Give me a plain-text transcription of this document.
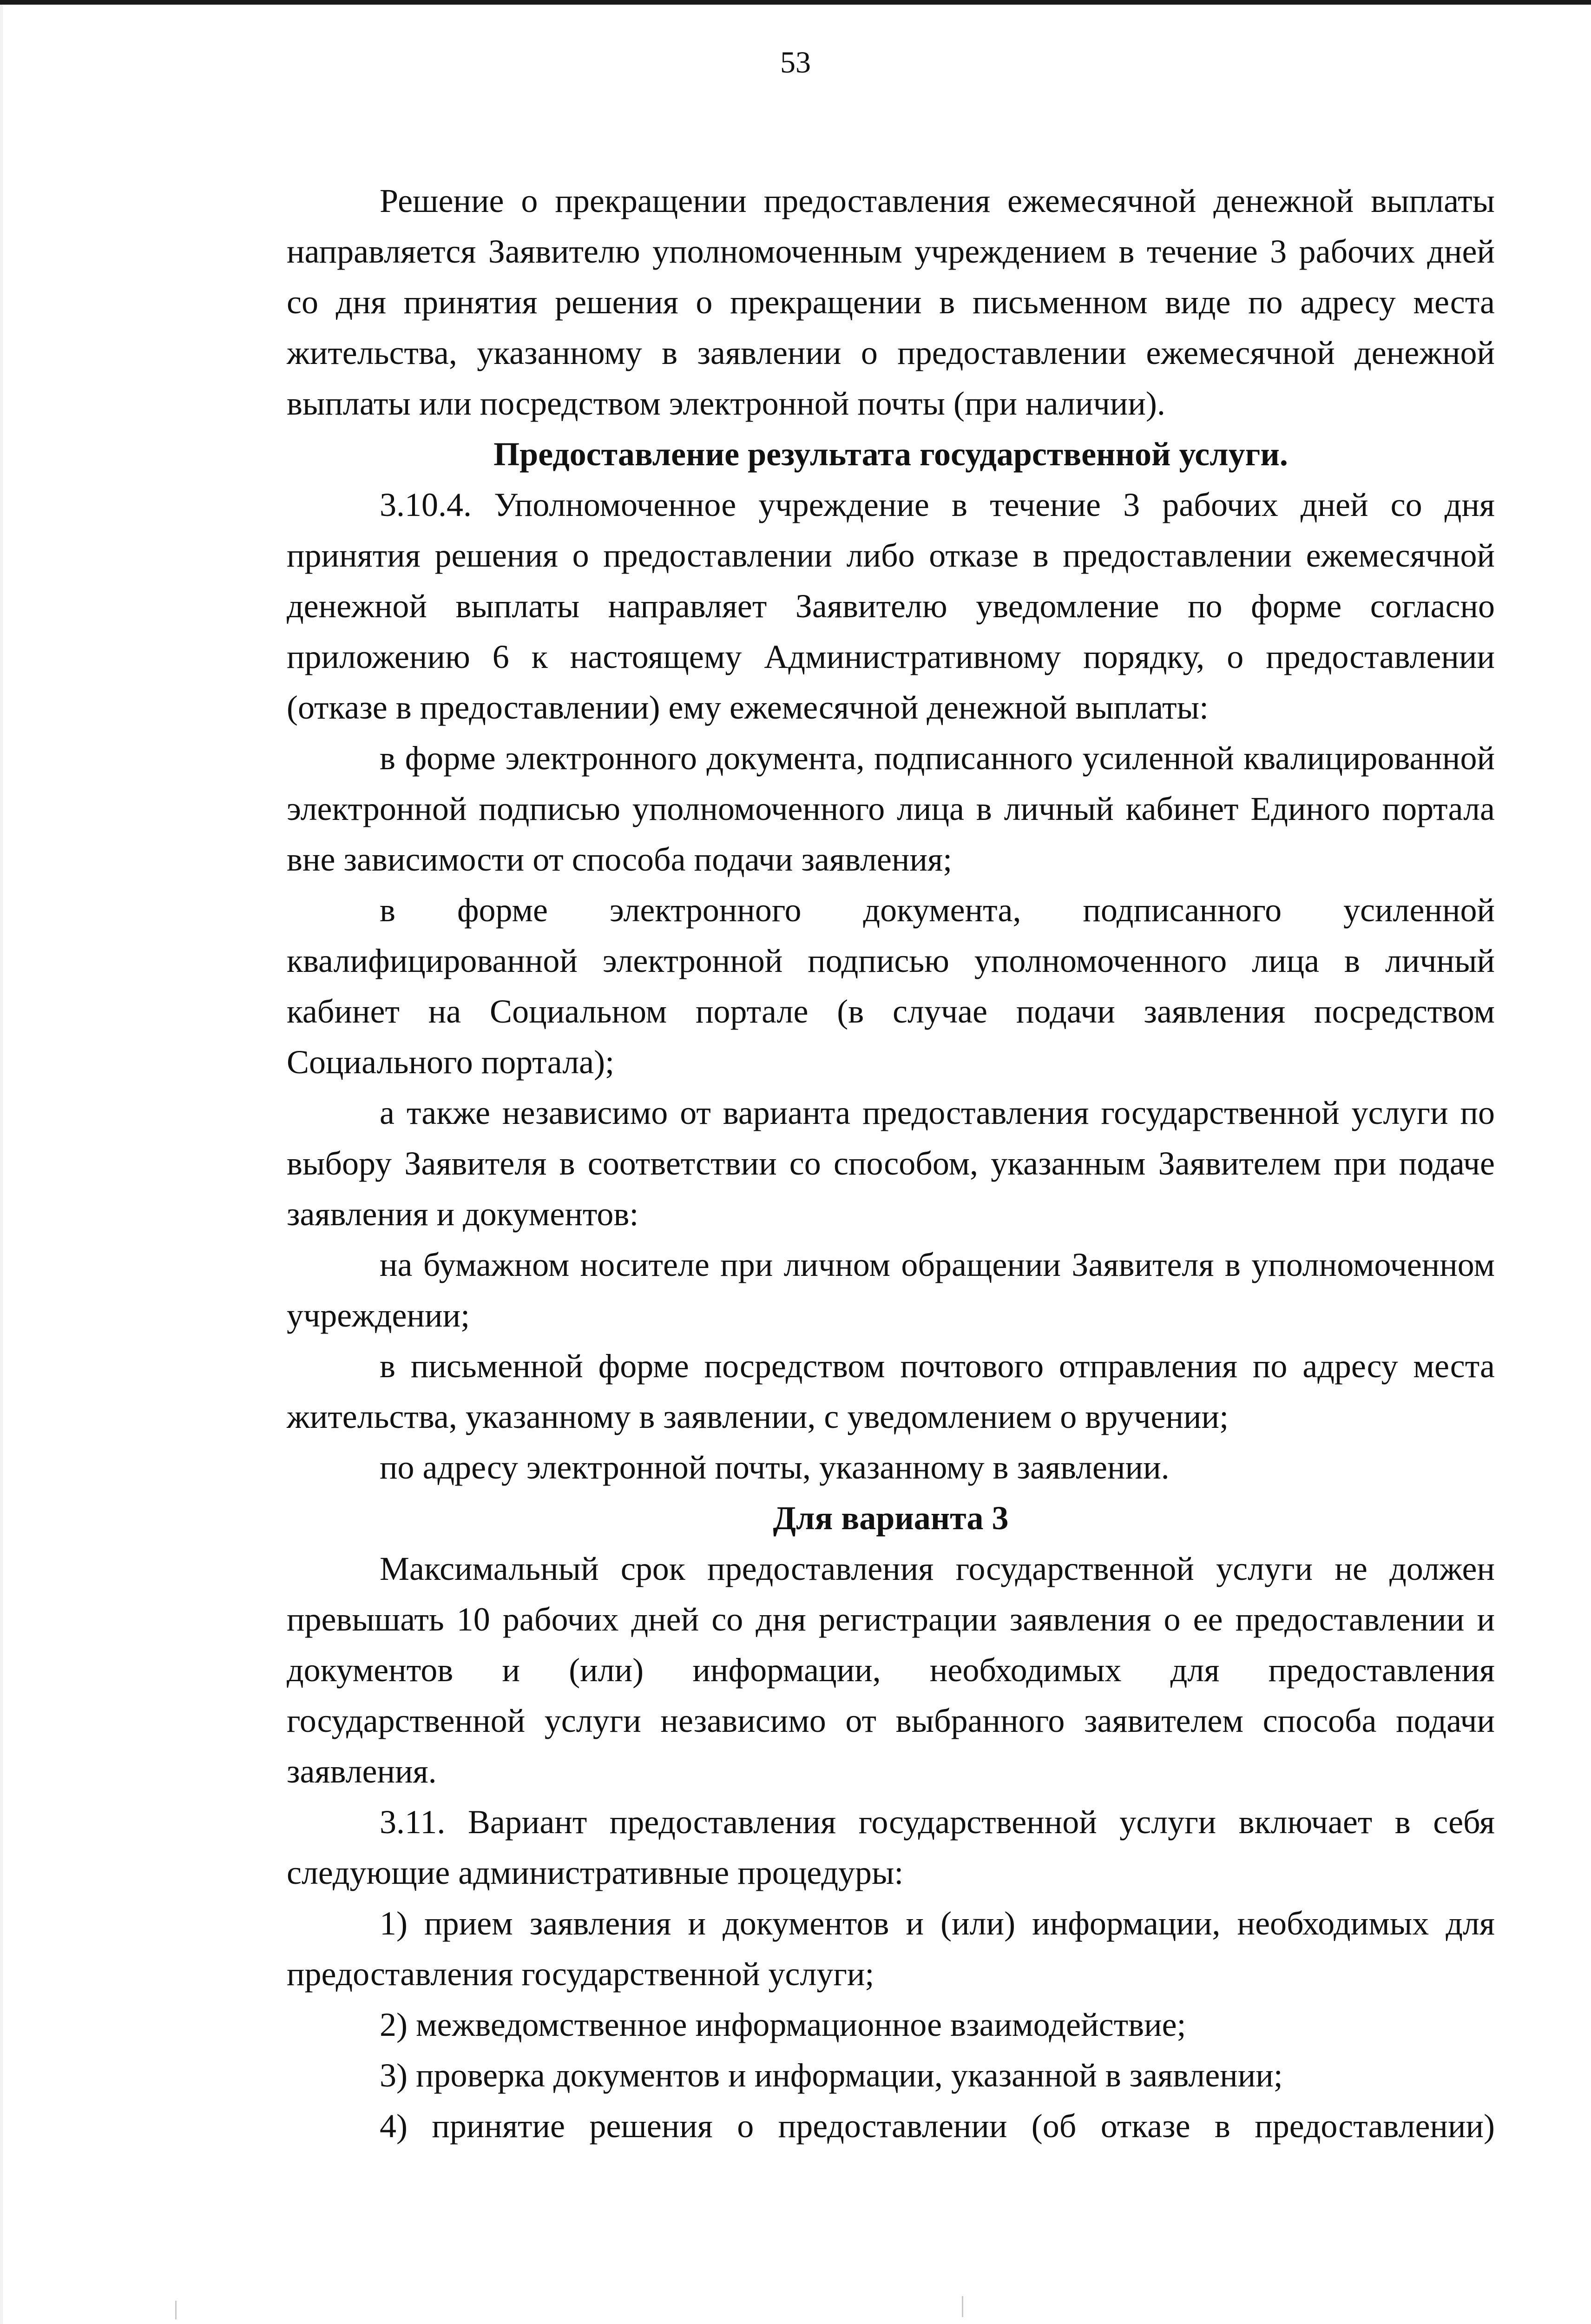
53

Решение о прекращении предоставления ежемесячной денежной выплаты направляется Заявителю уполномоченным учреждением в течение 3 рабочих дней со дня принятия решения о прекращении в письменном виде по адресу места жительства, указанному в заявлении о предоставлении ежемесячной денежной выплаты или посредством электронной почты (при наличии).

Предоставление результата государственной услуги.

3.10.4. Уполномоченное учреждение в течение 3 рабочих дней со дня принятия решения о предоставлении либо отказе в предоставлении ежемесячной денежной выплаты направляет Заявителю уведомление по форме согласно приложению 6 к настоящему Административному порядку, о предоставлении (отказе в предоставлении) ему ежемесячной денежной выплаты:

в форме электронного документа, подписанного усиленной квалицированной электронной подписью уполномоченного лица в личный кабинет Единого портала вне зависимости от способа подачи заявления;

в форме электронного документа, подписанного усиленной квалифицированной электронной подписью уполномоченного лица в личный кабинет на Социальном портале (в случае подачи заявления посредством Социального портала);

а также независимо от варианта предоставления государственной услуги по выбору Заявителя в соответствии со способом, указанным Заявителем при подаче заявления и документов:

на бумажном носителе при личном обращении Заявителя в уполномоченном учреждении;

в письменной форме посредством почтового отправления по адресу места жительства, указанному в заявлении, с уведомлением о вручении;

по адресу электронной почты, указанному в заявлении.

Для варианта 3

Максимальный срок предоставления государственной услуги не должен превышать 10 рабочих дней со дня регистрации заявления о ее предоставлении и документов и (или) информации, необходимых для предоставления государственной услуги независимо от выбранного заявителем способа подачи заявления.

3.11. Вариант предоставления государственной услуги включает в себя следующие административные процедуры:

1) прием заявления и документов и (или) информации, необходимых для предоставления государственной услуги;

2) межведомственное информационное взаимодействие;

3) проверка документов и информации, указанной в заявлении;

4) принятие решения о предоставлении (об отказе в предоставлении)
